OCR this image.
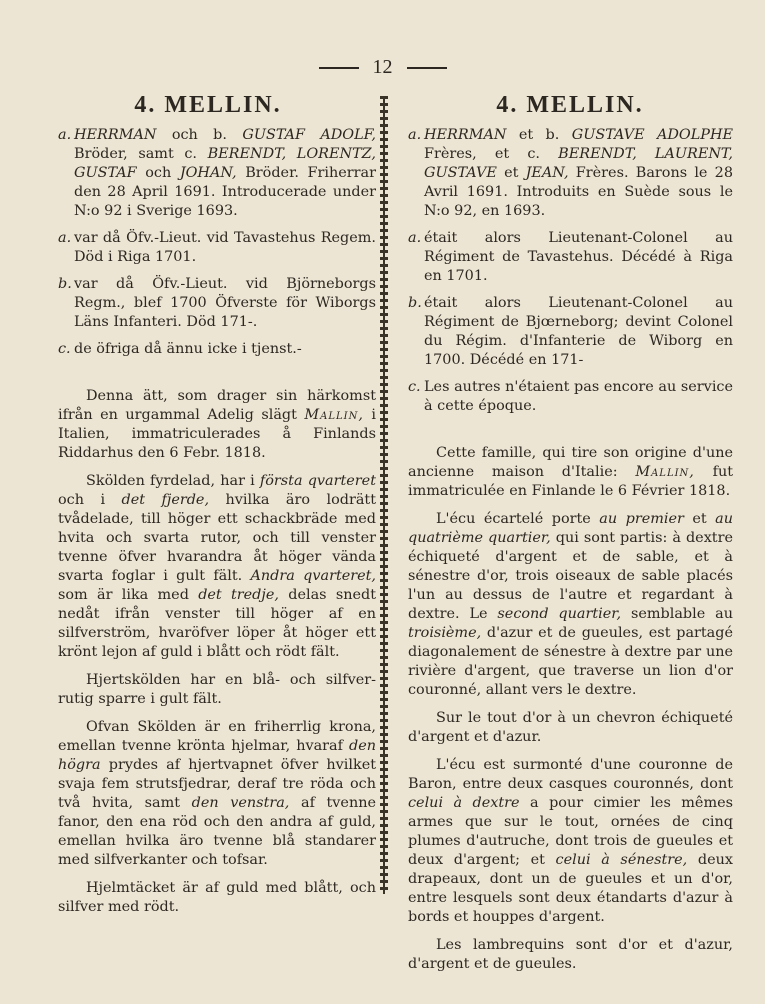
12
4. MELLIN.	4. MELLIN.
a. HERRMAN och b. GUSTAF ADOLF, Bröder, samt c. BERENDT, LORENTZ, GUSTAF och JOHAN, Bröder. Friherrar den 28 April 1691. Introducerade under N:o 92 i Sverige 1693.
a. var då Öfv.-Lieut. vid Tavastehus Regem. Död i Riga 1701.
b. var då Öfv.-Lieut. vid Björneborgs Regm., blef 1700 Öfverste för Wiborgs Läns Infanteri. Död 171-.
c. de öfriga då ännu icke i tjenst.-

Denna ätt, som drager sin härkomst ifrån en urgammal Adelig slägt Mallin, i Italien, immatriculerades å Finlands Riddarhus den 6 Febr. 1818.

Skölden fyrdelad, har i första qvarteret och i det fjerde, hvilka äro lodrätt tvådelade, till höger ett schackbräde med hvita och svarta rutor, och till venster tvenne öfver hvarandra åt höger vända svarta foglar i gult fält. Andra qvarteret, som är lika med det tredje, delas snedt nedåt ifrån venster till höger af en silfverström, hvaröfver löper åt höger ett krönt lejon af guld i blått och rödt fält.

Hjertskölden har en blå- och silfver-rutig sparre i gult fält.

Ofvan Skölden är en friherrlig krona, emellan tvenne krönta hjelmar, hvaraf den högra prydes af hjertvapnet öfver hvilket svaja fem strutsfjedrar, deraf tre röda och två hvita, samt den venstra, af tvenne fanor, den ena röd och den andra af guld, emellan hvilka äro tvenne blå standarer med silfverkanter och tofsar.

Hjelmtäcket är af guld med blått, och silfver med rödt.

a. HERRMAN et b. GUSTAVE ADOLPHE Frères, et c. BERENDT, LAURENT, GUSTAVE et JEAN, Frères. Barons le 28 Avril 1691. Introduits en Suède sous le N:o 92, en 1693.
a. était alors Lieutenant-Colonel au Régiment de Tavastehus. Décédé à Riga en 1701.
b. était alors Lieutenant-Colonel au Régiment de Bjœrneborg; devint Colonel du Régim. d'Infanterie de Wiborg en 1700. Décédé en 171-
c. Les autres n'étaient pas encore au service à cette époque.

Cette famille, qui tire son origine d'une ancienne maison d'Italie: Mallin, fut immatriculée en Finlande le 6 Février 1818.

L'écu écartelé porte au premier et au quatrième quartier, qui sont partis: à dextre échiqueté d'argent et de sable, et à sénestre d'or, trois oiseaux de sable placés l'un au dessus de l'autre et regardant à dextre. Le second quartier, semblable au troisième, d'azur et de gueules, est partagé diagonalement de sénestre à dextre par une rivière d'argent, que traverse un lion d'or couronné, allant vers le dextre.

Sur le tout d'or à un chevron échiqueté d'argent et d'azur.

L'écu est surmonté d'une couronne de Baron, entre deux casques couronnés, dont celui à dextre a pour cimier les mêmes armes que sur le tout, ornées de cinq plumes d'autruche, dont trois de gueules et deux d'argent; et celui à sénestre, deux drapeaux, dont un de gueules et un d'or, entre lesquels sont deux étandarts d'azur à bords et houppes d'argent.

Les lambrequins sont d'or et d'azur, d'argent et de gueules.
